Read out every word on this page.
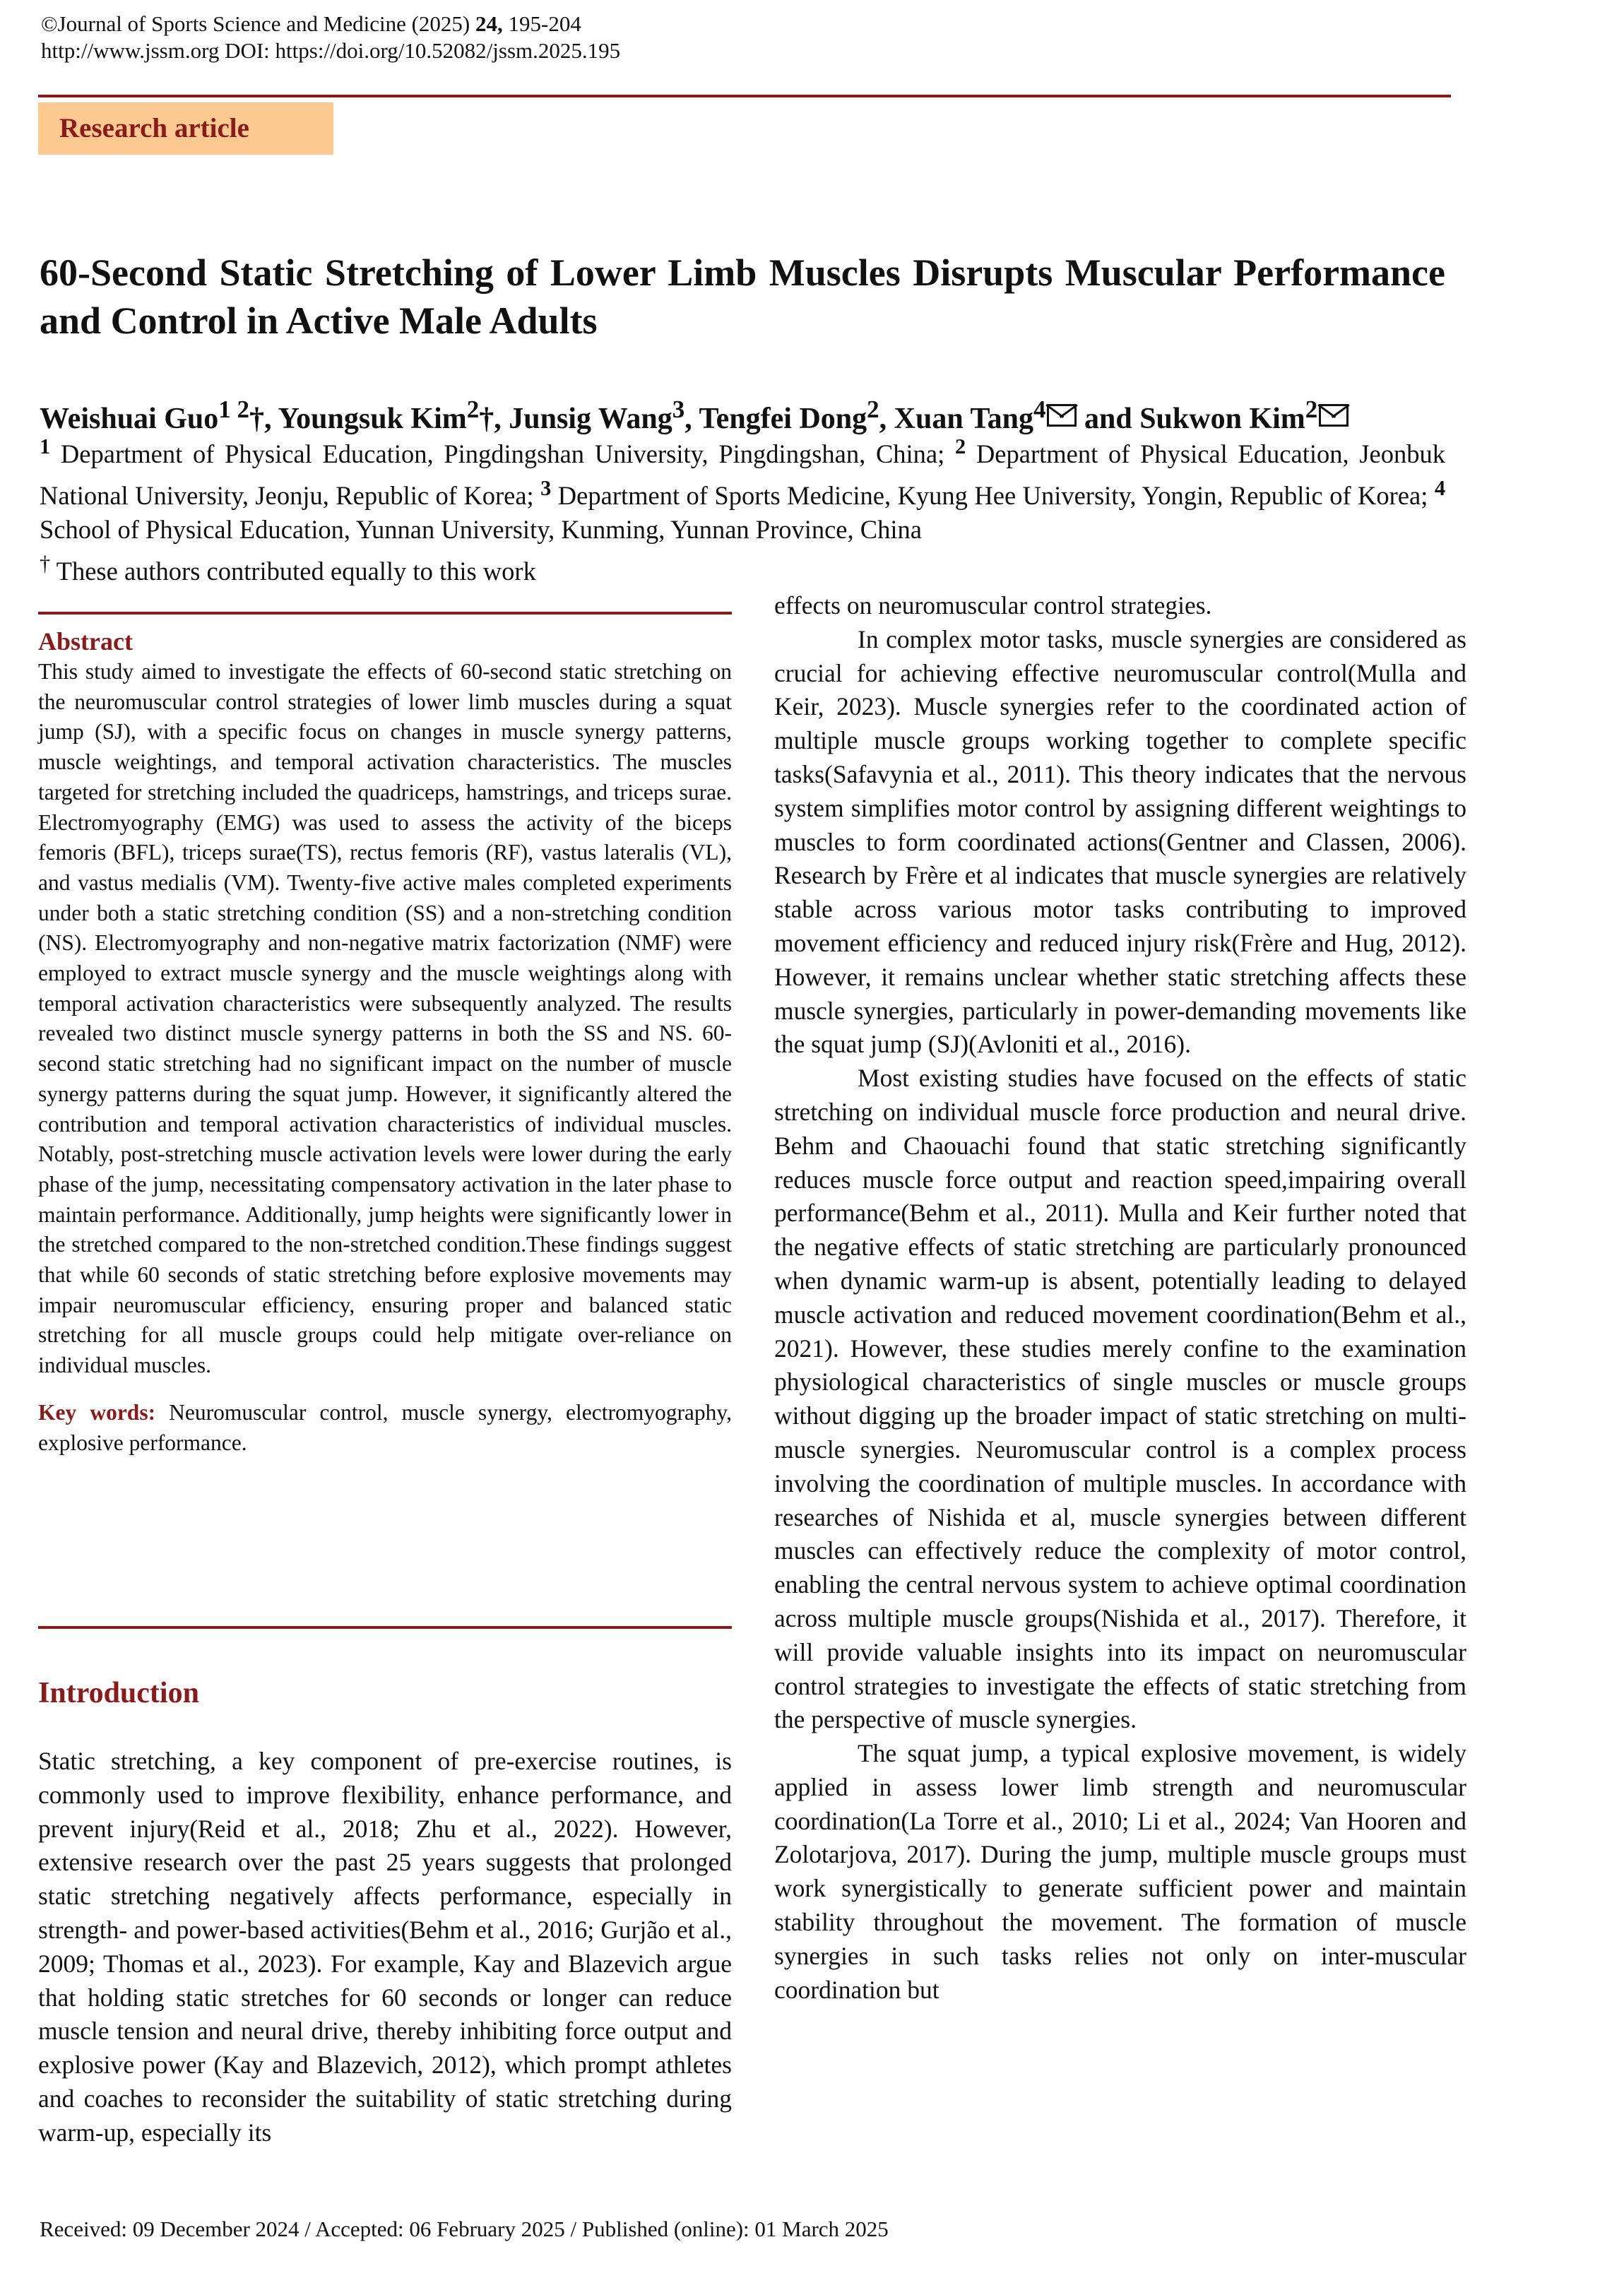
©Journal of Sports Science and Medicine (2025) 24, 195-204
http://www.jssm.org DOI: https://doi.org/10.52082/jssm.2025.195
Research article
60-Second Static Stretching of Lower Limb Muscles Disrupts Muscular Performance and Control in Active Male Adults
Weishuai Guo$^{1 2}$†, Youngsuk Kim$^2$†, Junsig Wang$^3$, Tengfei Dong$^2$, Xuan Tang$^4$ and Sukwon Kim$^2$

$^1$ Department of Physical Education, Pingdingshan University, Pingdingshan, China; $^2$ Department of Physical Education, Jeonbuk National University, Jeonju, Republic of Korea; $^3$ Department of Sports Medicine, Kyung Hee University, Yongin, Republic of Korea; $^4$ School of Physical Education, Yunnan University, Kunming, Yunnan Province, China

† These authors contributed equally to this work

Abstract

This study aimed to investigate the effects of 60-second static stretching on the neuromuscular control strategies of lower limb muscles during a squat jump (SJ), with a specific focus on changes in muscle synergy patterns, muscle weightings, and temporal activation characteristics. The muscles targeted for stretching included the quadriceps, hamstrings, and triceps surae. Electromyography (EMG) was used to assess the activity of the biceps femoris (BFL), triceps surae(TS), rectus femoris (RF), vastus lateralis (VL), and vastus medialis (VM). Twenty-five active males completed experiments under both a static stretching condition (SS) and a non-stretching condition (NS). Electromyography and non-negative matrix factorization (NMF) were employed to extract muscle synergy and the muscle weightings along with temporal activation characteristics were subsequently analyzed. The results revealed two distinct muscle synergy patterns in both the SS and NS. 60-second static stretching had no significant impact on the number of muscle synergy patterns during the squat jump. However, it significantly altered the contribution and temporal activation characteristics of individual muscles. Notably, post-stretching muscle activation levels were lower during the early phase of the jump, necessitating compensatory activation in the later phase to maintain performance. Additionally, jump heights were significantly lower in the stretched compared to the non-stretched condition.These findings suggest that while 60 seconds of static stretching before explosive movements may impair neuromuscular efficiency, ensuring proper and balanced static stretching for all muscle groups could help mitigate over-reliance on individual muscles.

Key words: Neuromuscular control, muscle synergy, electromyography, explosive performance.

Introduction

Static stretching, a key component of pre-exercise routines, is commonly used to improve flexibility, enhance performance, and prevent injury(Reid et al., 2018; Zhu et al., 2022). However, extensive research over the past 25 years suggests that prolonged static stretching negatively affects performance, especially in strength- and power-based activities(Behm et al., 2016; Gurjão et al., 2009; Thomas et al., 2023). For example, Kay and Blazevich argue that holding static stretches for 60 seconds or longer can reduce muscle tension and neural drive, thereby inhibiting force output and explosive power (Kay and Blazevich, 2012), which prompt athletes and coaches to reconsider the suitability of static stretching during warm-up, especially its

effects on neuromuscular control strategies.

In complex motor tasks, muscle synergies are considered as crucial for achieving effective neuromuscular control(Mulla and Keir, 2023). Muscle synergies refer to the coordinated action of multiple muscle groups working together to complete specific tasks(Safavynia et al., 2011). This theory indicates that the nervous system simplifies motor control by assigning different weightings to muscles to form coordinated actions(Gentner and Classen, 2006). Research by Frère et al indicates that muscle synergies are relatively stable across various motor tasks contributing to improved movement efficiency and reduced injury risk(Frère and Hug, 2012). However, it remains unclear whether static stretching affects these muscle synergies, particularly in power-demanding movements like the squat jump (SJ)(Avloniti et al., 2016).

Most existing studies have focused on the effects of static stretching on individual muscle force production and neural drive. Behm and Chaouachi found that static stretching significantly reduces muscle force output and reaction speed,impairing overall performance(Behm et al., 2011). Mulla and Keir further noted that the negative effects of static stretching are particularly pronounced when dynamic warm-up is absent, potentially leading to delayed muscle activation and reduced movement coordination(Behm et al., 2021). However, these studies merely confine to the examination physiological characteristics of single muscles or muscle groups without digging up the broader impact of static stretching on multi-muscle synergies. Neuromuscular control is a complex process involving the coordination of multiple muscles. In accordance with researches of Nishida et al, muscle synergies between different muscles can effectively reduce the complexity of motor control, enabling the central nervous system to achieve optimal coordination across multiple muscle groups(Nishida et al., 2017). Therefore, it will provide valuable insights into its impact on neuromuscular control strategies to investigate the effects of static stretching from the perspective of muscle synergies.

The squat jump, a typical explosive movement, is widely applied in assess lower limb strength and neuromuscular coordination(La Torre et al., 2010; Li et al., 2024; Van Hooren and Zolotarjova, 2017). During the jump, multiple muscle groups must work synergistically to generate sufficient power and maintain stability throughout the movement. The formation of muscle synergies in such tasks relies not only on inter-muscular coordination but

Received: 09 December 2024 / Accepted: 06 February 2025 / Published (online): 01 March 2025
